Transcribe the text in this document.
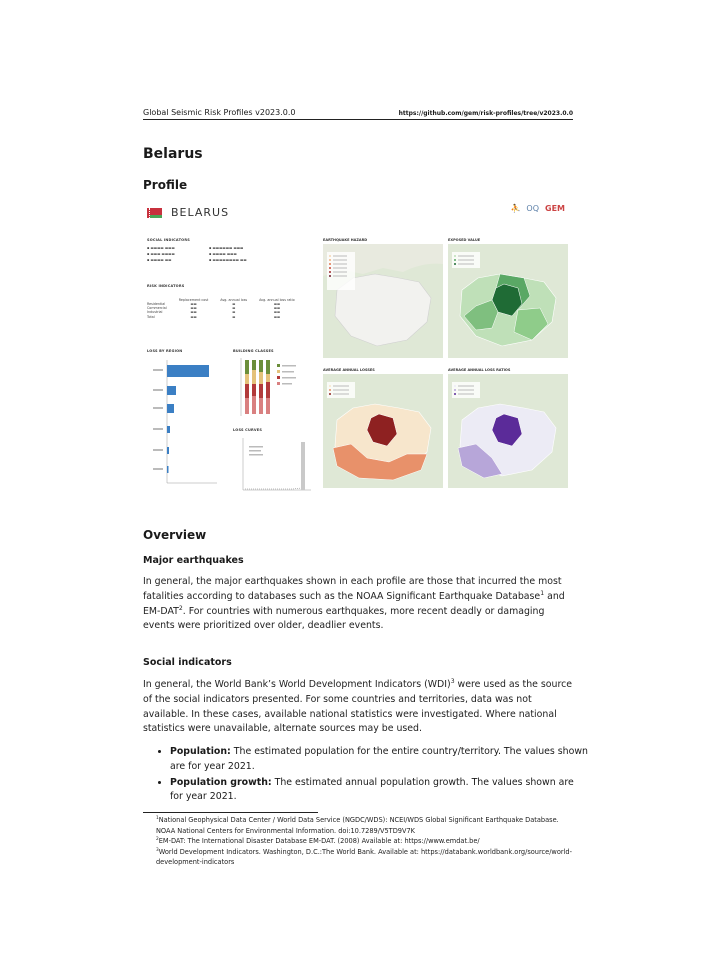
Global Seismic Risk Profiles v2023.0.0	https://github.com/gem/risk-profiles/tree/v2023.0.0
Belarus
Profile
BELARUS	⛹ OQ GEM
SOCIAL INDICATORS
▪ ▬▬▬▬ ▬▬▬
▪ ▬▬▬ ▬▬▬▬
▪ ▬▬▬▬ ▬▬
▪ ▬▬▬▬▬▬ ▬▬▬
▪ ▬▬▬▬ ▬▬▬
▪ ▬▬▬▬▬▬▬▬ ▬▬
RISK INDICATORS
	Replacement cost	Avg. annual loss	Avg. annual loss ratio
Residential	▬▬	▬	▬▬
Commercial	▬▬	▬	▬▬
Industrial	▬▬	▬	▬▬
Total	▬▬	▬	▬▬
LOSS BY REGION	BUILDING CLASSES
LOSS CURVES
EARTHQUAKE HAZARD	EXPOSED VALUE
AVERAGE ANNUAL LOSSES	AVERAGE ANNUAL LOSS RATIOS
Overview
Major earthquakes

In general, the major earthquakes shown in each profile are those that incurred the most fatalities according to databases such as the NOAA Significant Earthquake Database$^1$ and EM-DAT$^2$. For countries with numerous earthquakes, more recent deadly or damaging events were prioritized over older, deadlier events.

Social indicators

In general, the World Bank’s World Development Indicators (WDI)$^3$ were used as the source of the social indicators presented. For some countries and territories, data was not available. In these cases, available national statistics were investigated. Where national statistics were unavailable, alternate sources may be used.

• Population: The estimated population for the entire country/territory. The values shown are for year 2021.
• Population growth: The estimated annual population growth. The values shown are for year 2021.
$^1$National Geophysical Data Center / World Data Service (NGDC/WDS): NCEI/WDS Global Significant Earthquake Database. NOAA National Centers for Environmental Information. doi:10.7289/V5TD9V7K
$^2$EM-DAT: The International Disaster Database EM-DAT. (2008) Available at: https://www.emdat.be/
$^3$World Development Indicators. Washington, D.C.:The World Bank. Available at: https://databank.worldbank.org/source/world-development-indicators
